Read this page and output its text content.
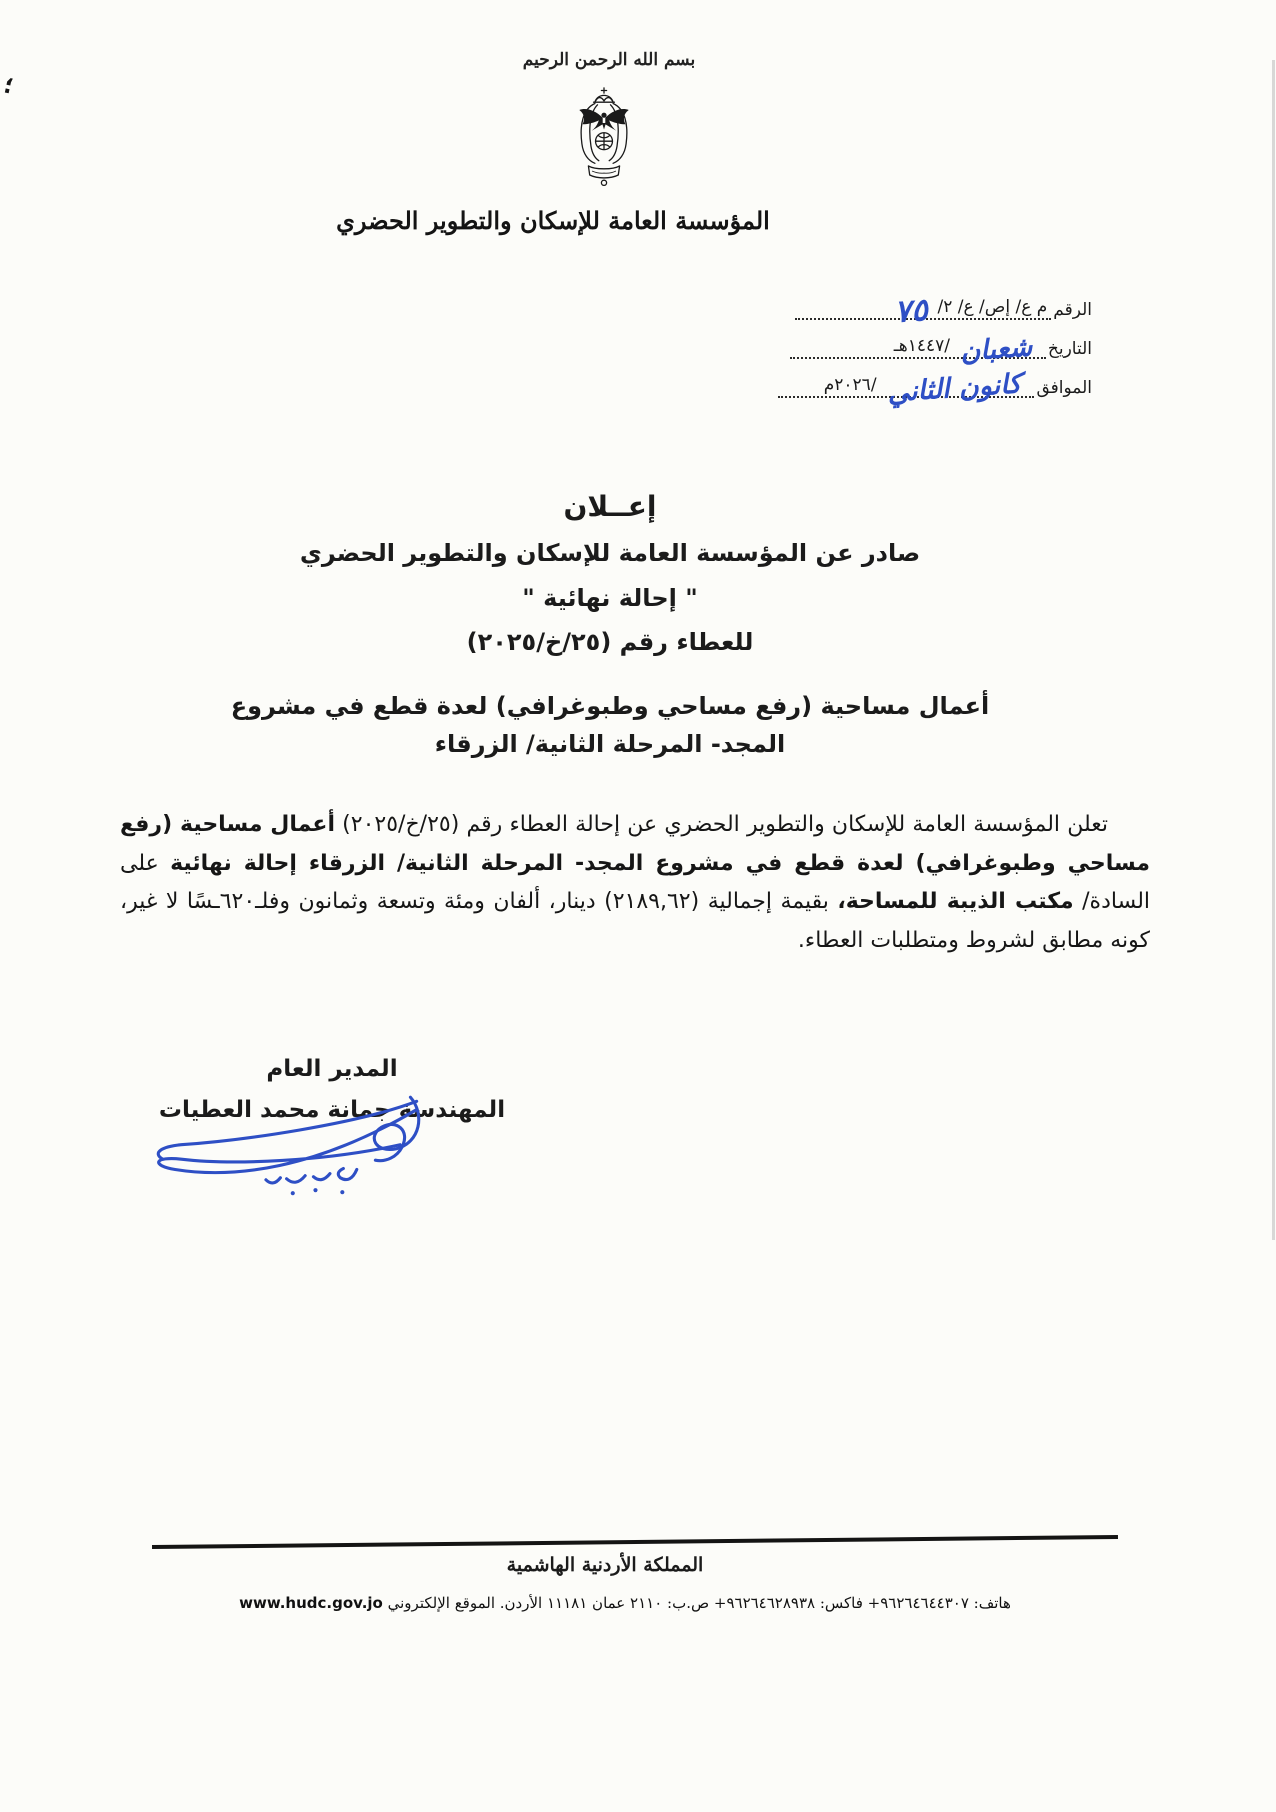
؛
بسم الله الرحمن الرحيم
المؤسسة العامة للإسكان والتطوير الحضري
الرقم
م ع/ إص/ ع/ ٢/
٧٥
التاريخ
شعبان
/١٤٤٧هـ
الموافق
كانون الثاني
/٢٠٢٦م
إعــلان
صادر عن المؤسسة العامة للإسكان والتطوير الحضري
" إحالة نهائية "
للعطاء رقم (٢٥/خ/٢٠٢٥)
أعمال مساحية (رفع مساحي وطبوغرافي) لعدة قطع في مشروع
المجد- المرحلة الثانية/ الزرقاء

تعلن المؤسسة العامة للإسكان والتطوير الحضري عن إحالة العطاء رقم (٢٥/خ/٢٠٢٥) أعمال مساحية (رفع مساحي وطبوغرافي) لعدة قطع في مشروع المجد- المرحلة الثانية/ الزرقاء إحالة نهائية على السادة/ مكتب الذيبة للمساحة، بقيمة إجمالية (٢١٨٩,٦٢) دينار، ألفان ومئة وتسعة وثمانون وفلـ٦٢٠ـسًا لا غير، كونه مطابق لشروط ومتطلبات العطاء.

المدير العام
المهندسة جمانة محمد العطيات
المملكة الأردنية الهاشمية
هاتف: ٩٦٢٦٤٦٤٤٣٠٧+ فاكس: ٩٦٢٦٤٦٢٨٩٣٨+ ص.ب: ٢١١٠ عمان ١١١٨١ الأردن. الموقع الإلكتروني www.hudc.gov.jo
